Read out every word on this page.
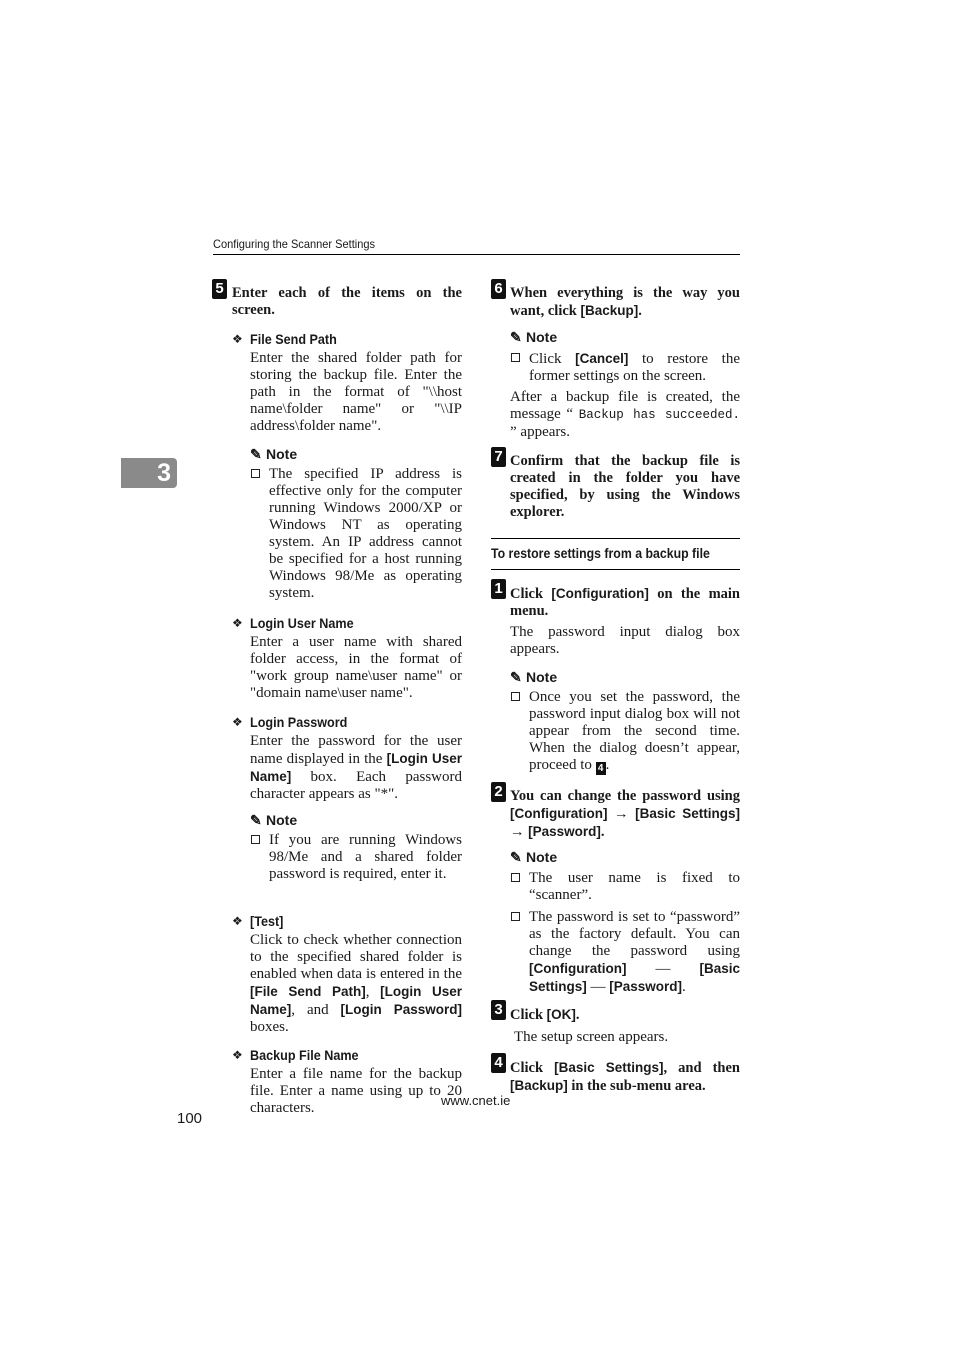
Configuring the Scanner Settings
3
5 Enter each of the items on the screen.
❖ File Send Path
Enter the shared folder path for storing the backup file. Enter the path in the format of "\\host name\folder name" or "\\IP address\folder name".
✎ Note
The specified IP address is effective only for the computer running Windows 2000/XP or Windows NT as operating system. An IP address cannot be specified for a host running Windows 98/Me as operating system.
❖ Login User Name
Enter a user name with shared folder access, in the format of "work group name\user name" or "domain name\user name".
❖ Login Password
Enter the password for the user name displayed in the [Login User Name] box. Each password character appears as "*".
✎ Note
If you are running Windows 98/Me and a shared folder password is required, enter it.
❖ [Test]
Click to check whether connection to the specified shared folder is enabled when data is entered in the [File Send Path], [Login User Name], and [Login Password] boxes.
❖ Backup File Name
Enter a file name for the backup file. Enter a name using up to 20 characters.
6 When everything is the way you want, click [Backup].
✎ Note
Click [Cancel] to restore the former settings on the screen.
After a backup file is created, the message “ Backup has succeeded. ” appears.
7 Confirm that the backup file is created in the folder you have specified, by using the Windows explorer.
To restore settings from a backup file
1 Click [Configuration] on the main menu.
The password input dialog box appears.
✎ Note
Once you set the password, the password input dialog box will not appear from the second time. When the dialog doesn’t appear, proceed to 4 .
2 You can change the password using [Configuration] → [Basic Settings] → [Password].
✎ Note
The user name is fixed to “scanner”.
The password is set to “password” as the factory default. You can change the password using [Configuration] — [Basic Settings] — [Password].
3 Click [OK].
The setup screen appears.
4 Click [Basic Settings], and then [Backup] in the sub-menu area.
www.cnet.ie
100
